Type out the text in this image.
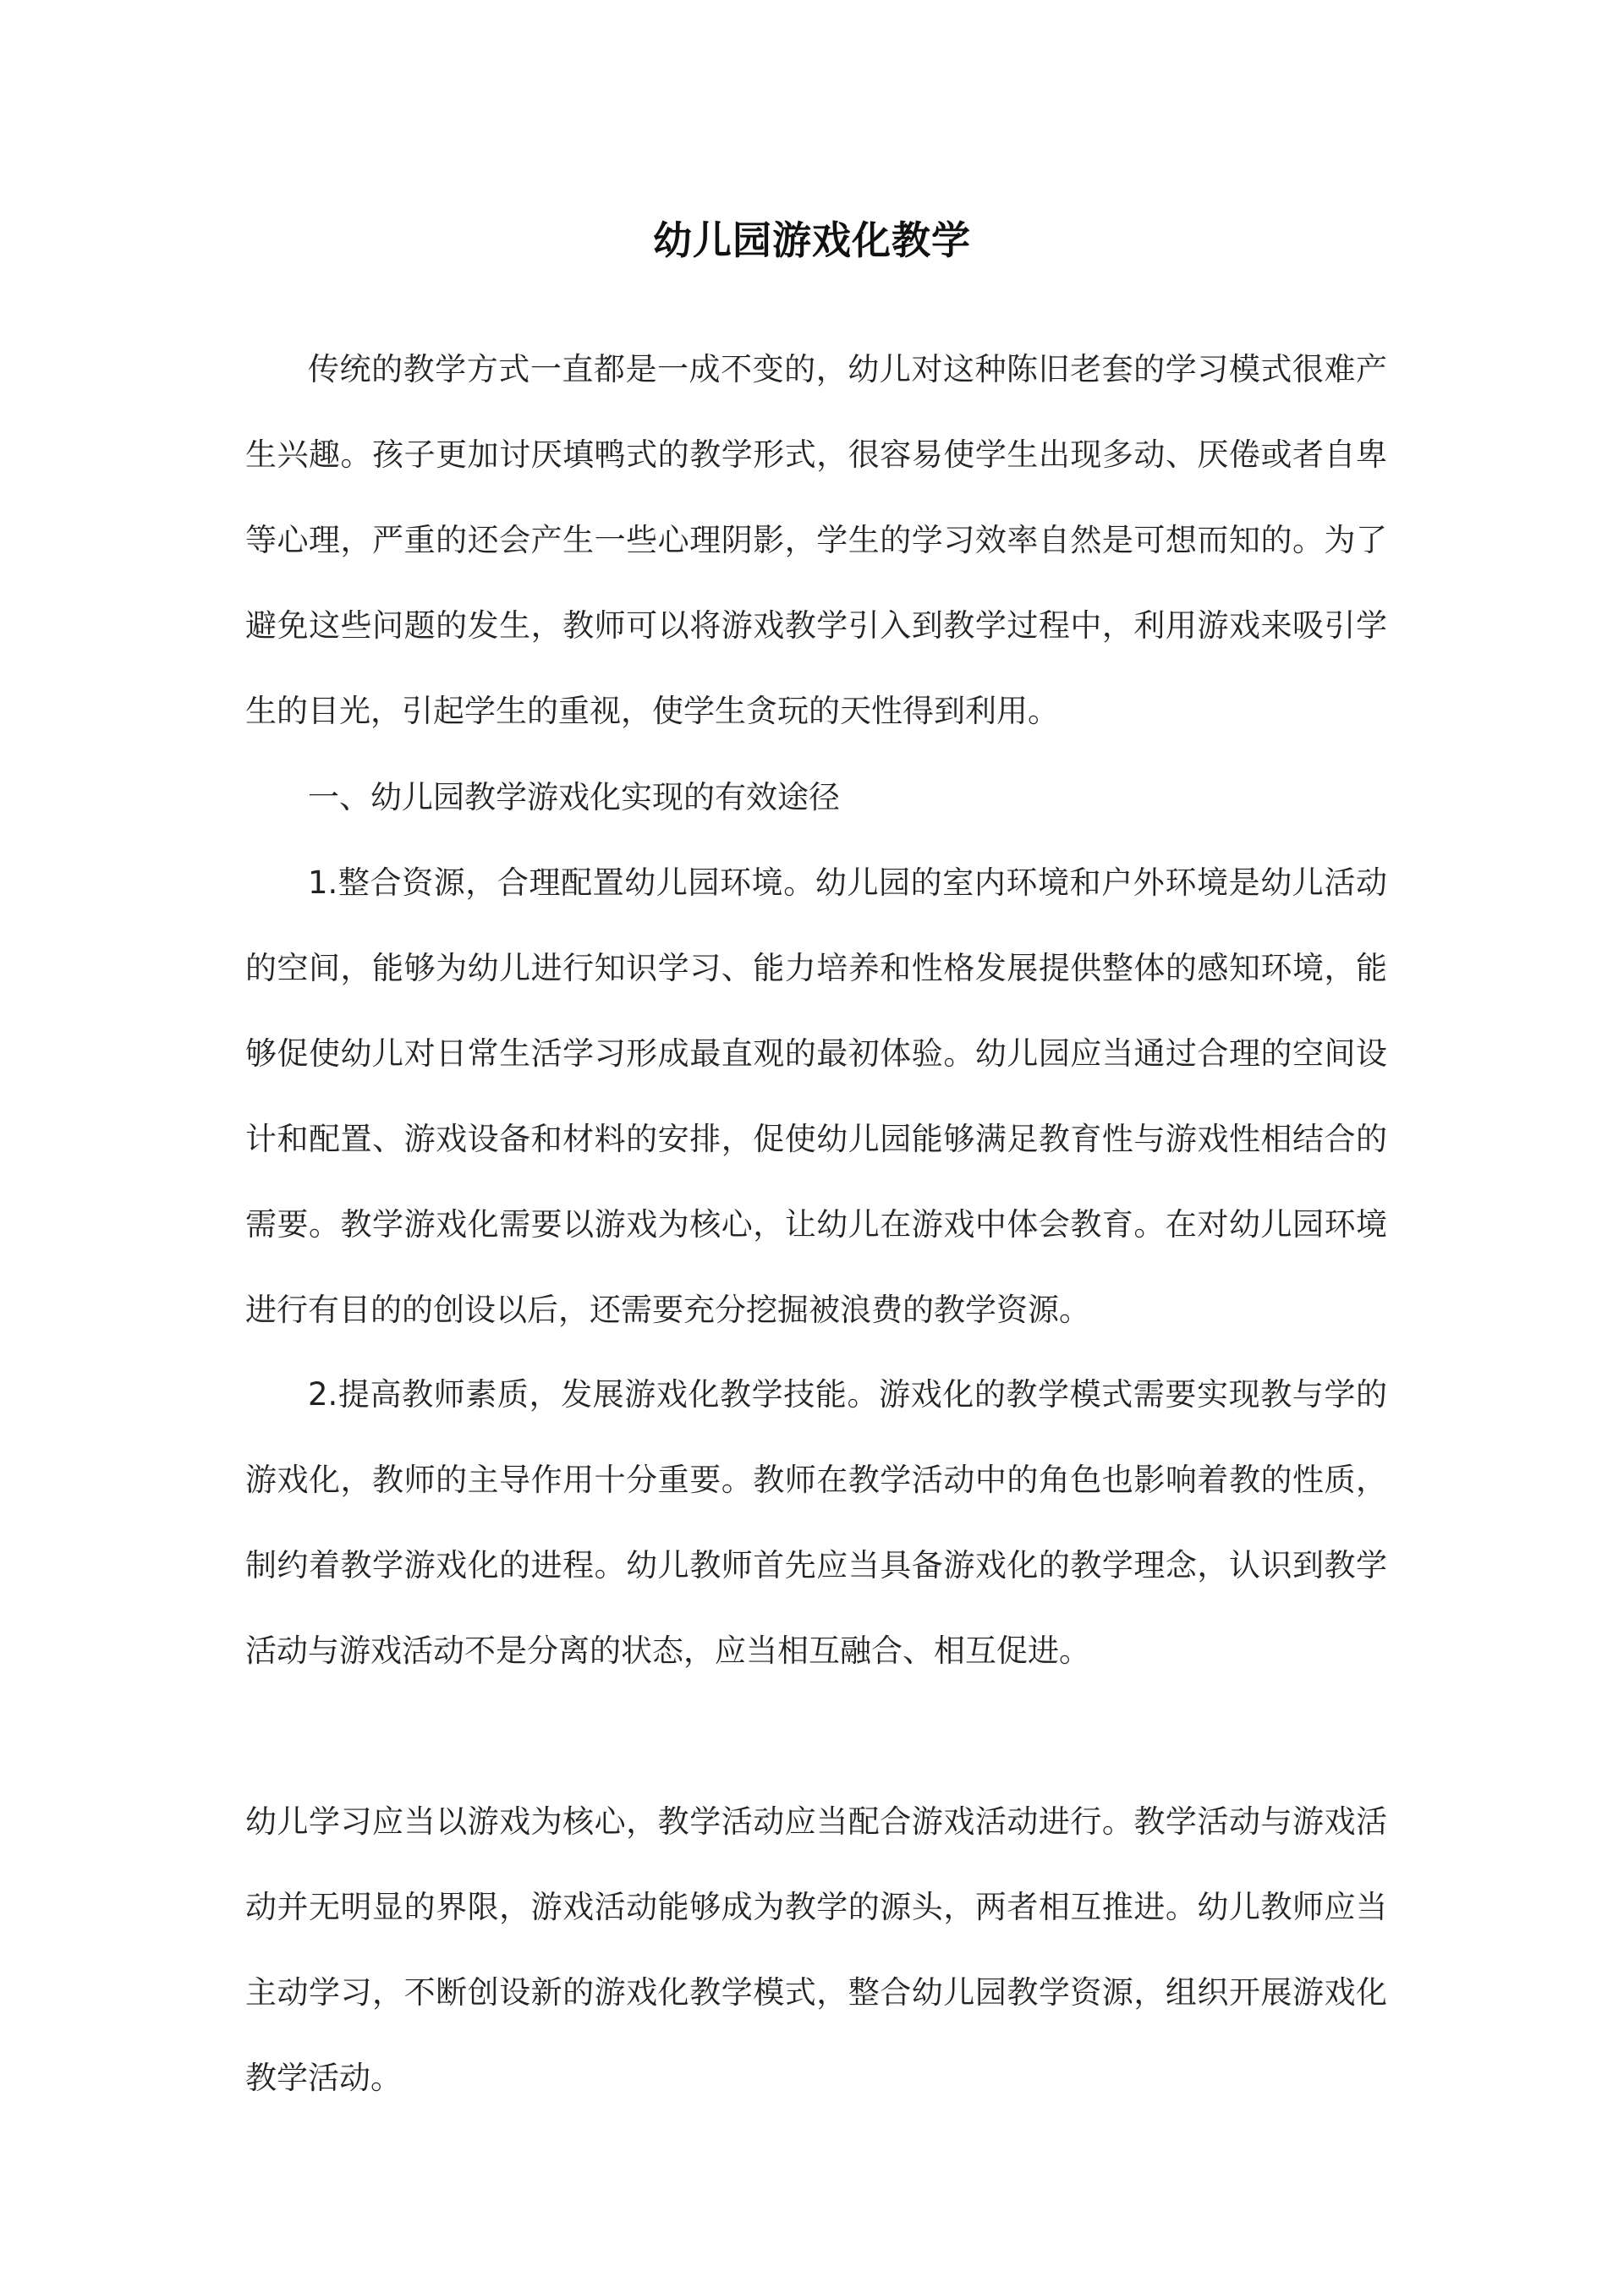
幼儿园游戏化教学

传统的教学方式一直都是一成不变的，幼儿对这种陈旧老套的学习模式很难产生兴趣。孩子更加讨厌填鸭式的教学形式，很容易使学生出现多动、厌倦或者自卑等心理，严重的还会产生一些心理阴影，学生的学习效率自然是可想而知的。为了避免这些问题的发生，教师可以将游戏教学引入到教学过程中，利用游戏来吸引学生的目光，引起学生的重视，使学生贪玩的天性得到利用。

一、幼儿园教学游戏化实现的有效途径

1.整合资源，合理配置幼儿园环境。幼儿园的室内环境和户外环境是幼儿活动的空间，能够为幼儿进行知识学习、能力培养和性格发展提供整体的感知环境，能够促使幼儿对日常生活学习形成最直观的最初体验。幼儿园应当通过合理的空间设计和配置、游戏设备和材料的安排，促使幼儿园能够满足教育性与游戏性相结合的需要。教学游戏化需要以游戏为核心，让幼儿在游戏中体会教育。在对幼儿园环境进行有目的的创设以后，还需要充分挖掘被浪费的教学资源。

2.提高教师素质，发展游戏化教学技能。游戏化的教学模式需要实现教与学的游戏化，教师的主导作用十分重要。教师在教学活动中的角色也影响着教的性质，制约着教学游戏化的进程。幼儿教师首先应当具备游戏化的教学理念，认识到教学活动与游戏活动不是分离的状态，应当相互融合、相互促进。

幼儿学习应当以游戏为核心，教学活动应当配合游戏活动进行。教学活动与游戏活动并无明显的界限，游戏活动能够成为教学的源头，两者相互推进。幼儿教师应当主动学习，不断创设新的游戏化教学模式，整合幼儿园教学资源，组织开展游戏化教学活动。
